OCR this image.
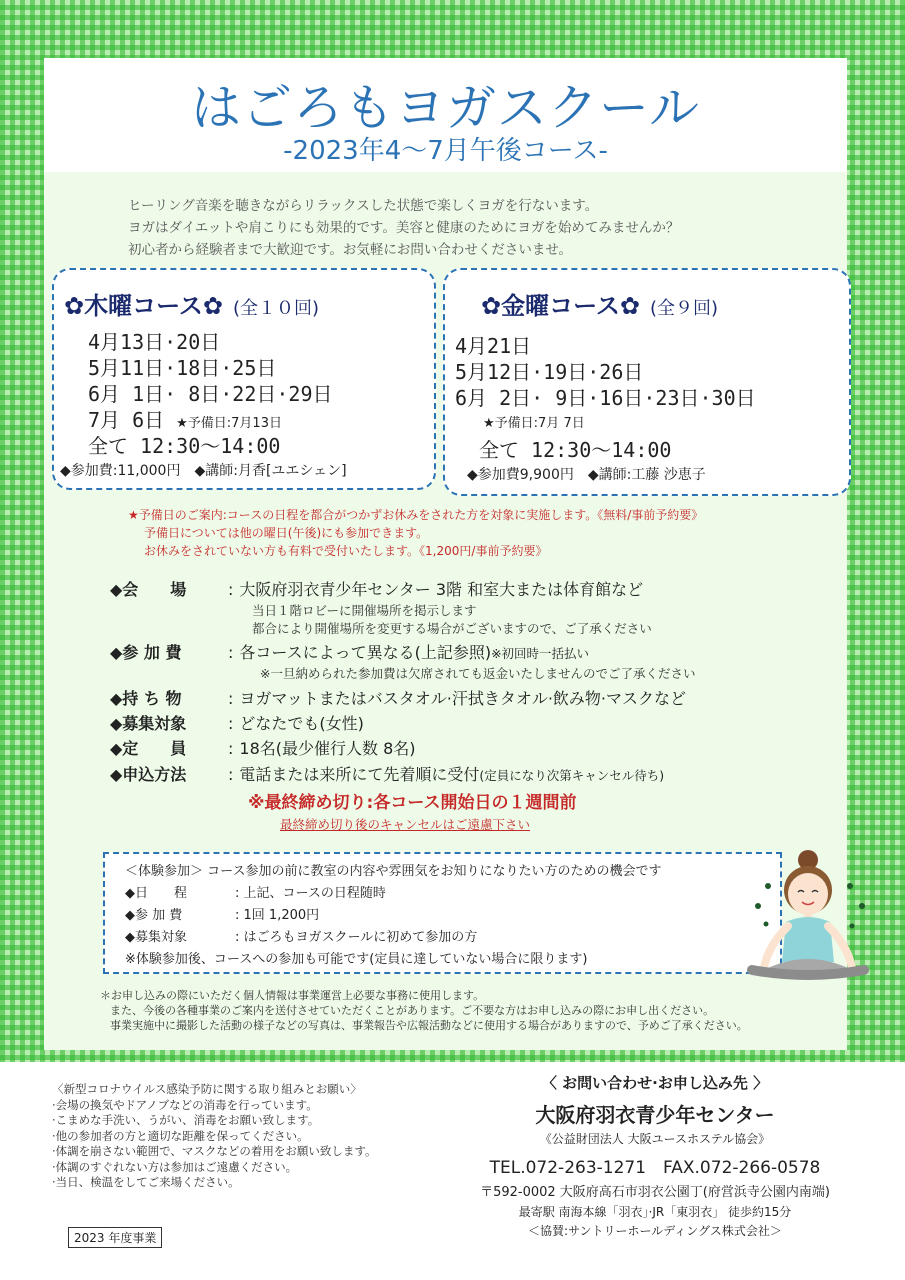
はごろもヨガスクール
-2023年4〜7月午後コース-
ヒーリング音楽を聴きながらリラックスした状態で楽しくヨガを行ないます。
ヨガはダイエットや肩こりにも効果的です。美容と健康のためにヨガを始めてみませんか？
初心者から経験者まで大歓迎です。お気軽にお問い合わせくださいませ。
✿木曜コース✿ (全１０回)
4月13日·20日
5月11日·18日·25日
6月 1日· 8日·22日·29日
7月 6日 ★予備日:7月13日
全て 12:30〜14:00
◆参加費:11,000円　 ◆講師:月香[ユエシェン]
✿金曜コース✿ (全９回)
4月21日
5月12日·19日·26日
6月 2日· 9日·16日·23日·30日
★予備日:7月 7日
全て 12:30〜14:00
◆参加費9,900円　 ◆講師:工藤 沙恵子
★予備日のご案内:コースの日程を都合がつかずお休みをされた方を対象に実施します。《無料/事前予約要》
予備日については他の曜日(午後)にも参加できます。
お休みをされていない方も有料で受付いたします。《1,200円/事前予約要》
◆会　　場	: 大阪府羽衣青少年センター 3階 和室大または体育館など
当日１階ロビーに開催場所を掲示します
都合により開催場所を変更する場合がございますので、ご了承ください
◆参 加 費	: 各コースによって異なる(上記参照)※初回時一括払い
※一旦納められた参加費は欠席されても返金いたしませんのでご了承ください
◆持 ち 物	: ヨガマットまたはバスタオル·汗拭きタオル·飲み物·マスクなど
◆募集対象	: どなたでも(女性)
◆定　　員	: 18名(最少催行人数 8名)
◆申込方法	: 電話または来所にて先着順に受付(定員になり次第キャンセル待ち)
※最終締め切り:各コース開始日の１週間前
最終締め切り後のキャンセルはご遠慮下さい
＜体験参加＞ コース参加の前に教室の内容や雰囲気をお知りになりたい方のための機会です
◆日　　程	: 上記、コースの日程随時
◆参 加 費	: 1回 1,200円
◆募集対象	: はごろもヨガスクールに初めて参加の方
※体験参加後、コースへの参加も可能です(定員に達していない場合に限ります)
＊お申し込みの際にいただく個人情報は事業運営上必要な事務に使用します。
また、今後の各種事業のご案内を送付させていただくことがあります。ご不要な方はお申し込みの際にお申し出ください。
事業実施中に撮影した活動の様子などの写真は、事業報告や広報活動などに使用する場合がありますので、予めご了承ください。
〈新型コロナウイルス感染予防に関する取り組みとお願い〉
·会場の換気やドアノブなどの消毒を行っています。
·こまめな手洗い、うがい、消毒をお願い致します。
·他の参加者の方と適切な距離を保ってください。
·体調を崩さない範囲で、マスクなどの着用をお願い致します。
·体調のすぐれない方は参加はご遠慮ください。
·当日、検温をしてご来場ください。
2023 年度事業
〈 お問い合わせ·お申し込み先 〉
大阪府羽衣青少年センター
《公益財団法人 大阪ユースホステル協会》
TEL.072-263-1271　FAX.072-266-0578
〒592-0002 大阪府高石市羽衣公園丁(府営浜寺公園内南端)
最寄駅 南海本線「羽衣」·JR「東羽衣」 徒歩約15分
＜協賛:サントリーホールディングス株式会社＞
